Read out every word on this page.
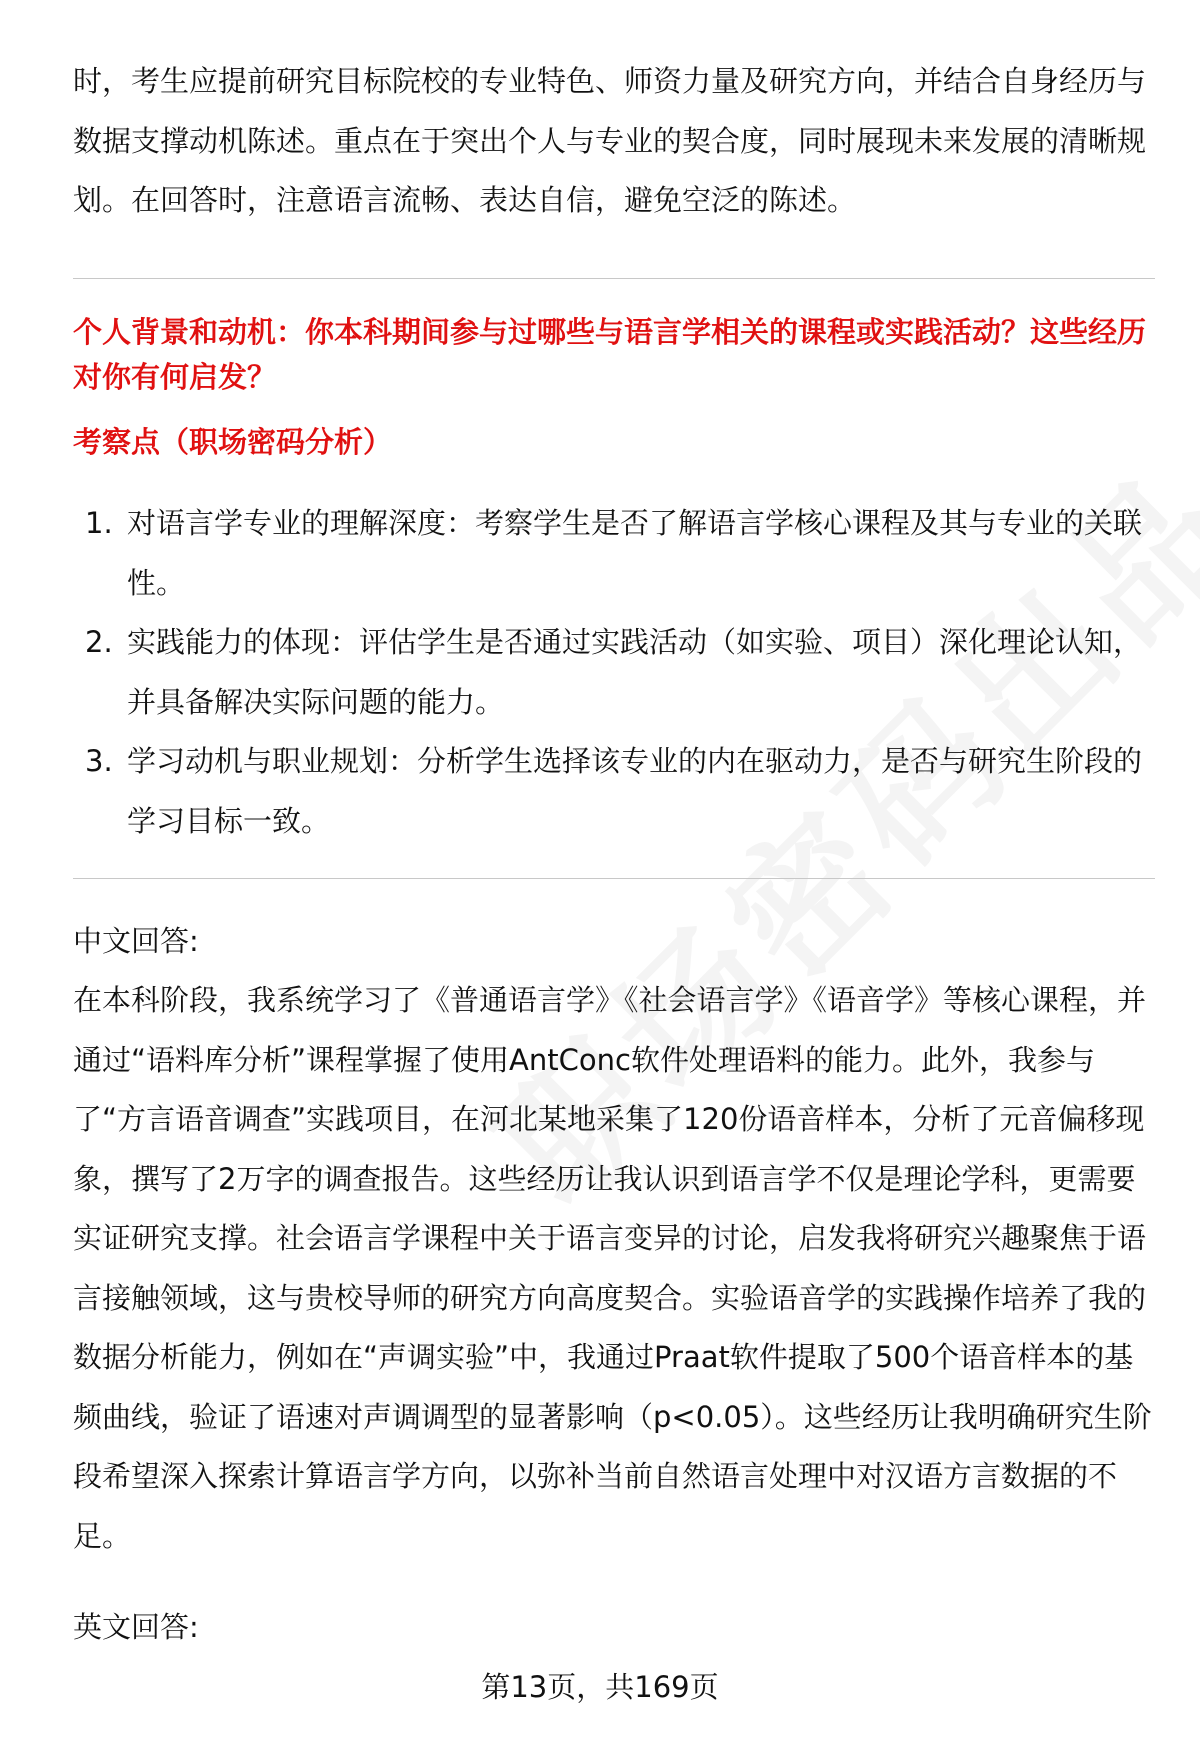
时，考生应提前研究目标院校的专业特色、师资力量及研究方向，并结合自身经历与数据支撑动机陈述。重点在于突出个人与专业的契合度，同时展现未来发展的清晰规划。在回答时，注意语言流畅、表达自信，避免空泛的陈述。

个人背景和动机：你本科期间参与过哪些与语言学相关的课程或实践活动？这些经历对你有何启发？

考察点（职场密码分析）

1. 对语言学专业的理解深度：考察学生是否了解语言学核心课程及其与专业的关联性。
2. 实践能力的体现：评估学生是否通过实践活动（如实验、项目）深化理论认知，并具备解决实际问题的能力。
3. 学习动机与职业规划：分析学生选择该专业的内在驱动力，是否与研究生阶段的学习目标一致。

中文回答:

在本科阶段，我系统学习了《普通语言学》《社会语言学》《语音学》等核心课程，并通过“语料库分析”课程掌握了使用AntConc软件处理语料的能力。此外，我参与了“方言语音调查”实践项目，在河北某地采集了120份语音样本，分析了元音偏移现象，撰写了2万字的调查报告。这些经历让我认识到语言学不仅是理论学科，更需要实证研究支撑。社会语言学课程中关于语言变异的讨论，启发我将研究兴趣聚焦于语言接触领域，这与贵校导师的研究方向高度契合。实验语音学的实践操作培养了我的数据分析能力，例如在“声调实验”中，我通过Praat软件提取了500个语音样本的基频曲线，验证了语速对声调调型的显著影响（p<0.05）。这些经历让我明确研究生阶段希望深入探索计算语言学方向，以弥补当前自然语言处理中对汉语方言数据的不足。

英文回答:

第13页，共169页
